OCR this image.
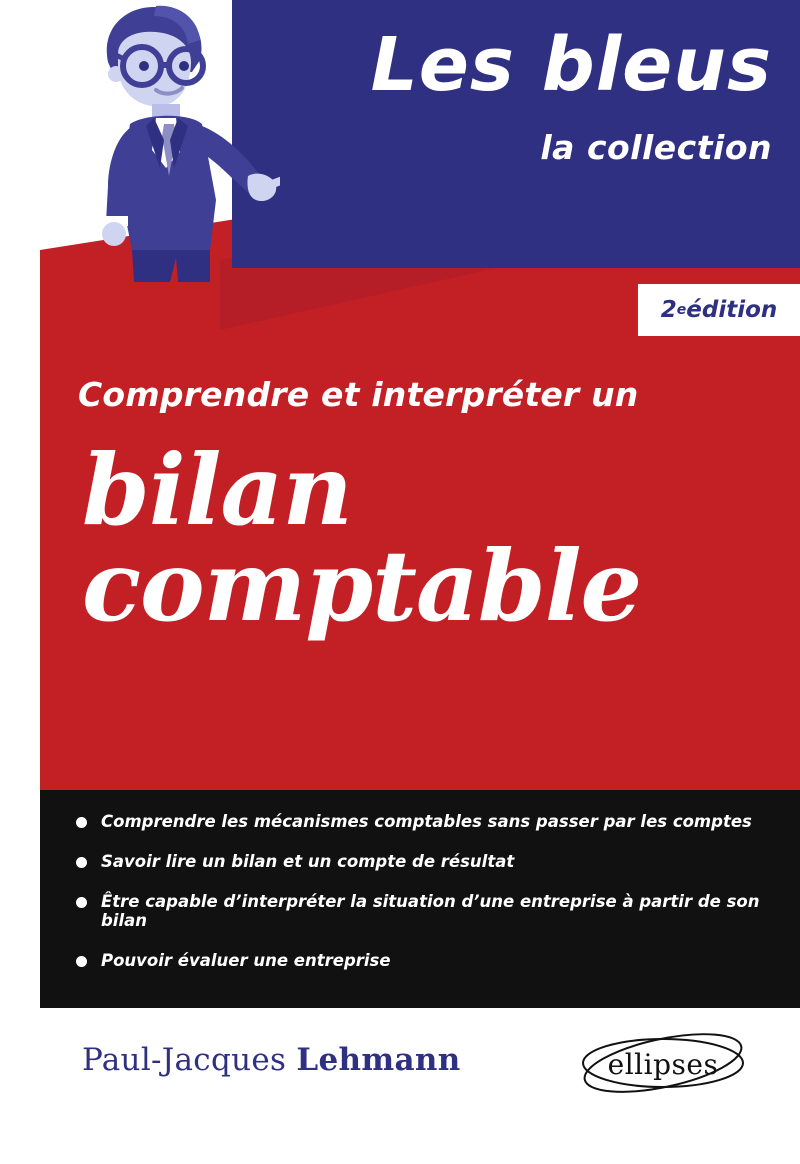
Les bleus
la collection
2 e édition
Comprendre et interpréter un
bilan
comptable
Comprendre les mécanismes comptables sans passer par les comptes
Savoir lire un bilan et un compte de résultat
Être capable d’interpréter la situation d’une entreprise à partir de son bilan
Pouvoir évaluer une entreprise
Paul-Jacques Lehmann	ellipses
